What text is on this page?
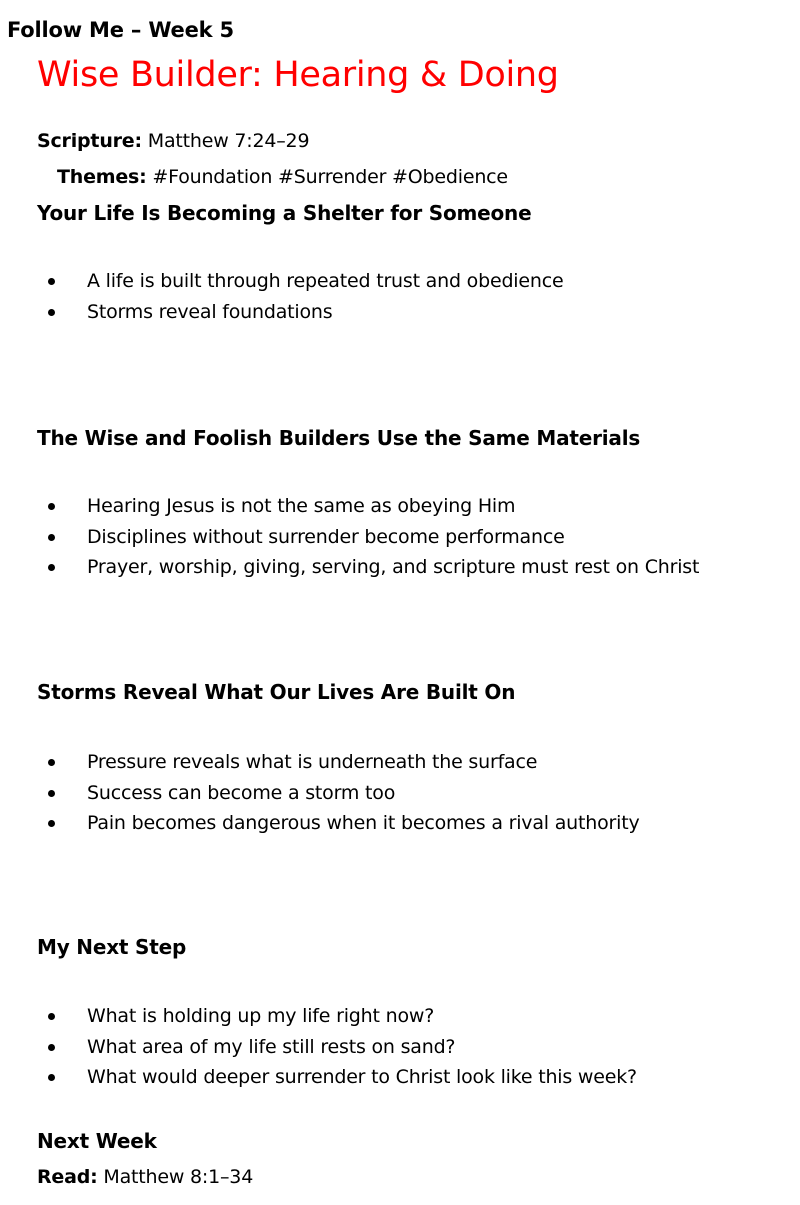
Follow Me – Week 5
Wise Builder: Hearing & Doing
Scripture: Matthew 7:24–29
Themes: #Foundation #Surrender #Obedience
Your Life Is Becoming a Shelter for Someone
A life is built through repeated trust and obedience
Storms reveal foundations
The Wise and Foolish Builders Use the Same Materials
Hearing Jesus is not the same as obeying Him
Disciplines without surrender become performance
Prayer, worship, giving, serving, and scripture must rest on Christ
Storms Reveal What Our Lives Are Built On
Pressure reveals what is underneath the surface
Success can become a storm too
Pain becomes dangerous when it becomes a rival authority
My Next Step
What is holding up my life right now?
What area of my life still rests on sand?
What would deeper surrender to Christ look like this week?
Next Week
Read: Matthew 8:1–34
